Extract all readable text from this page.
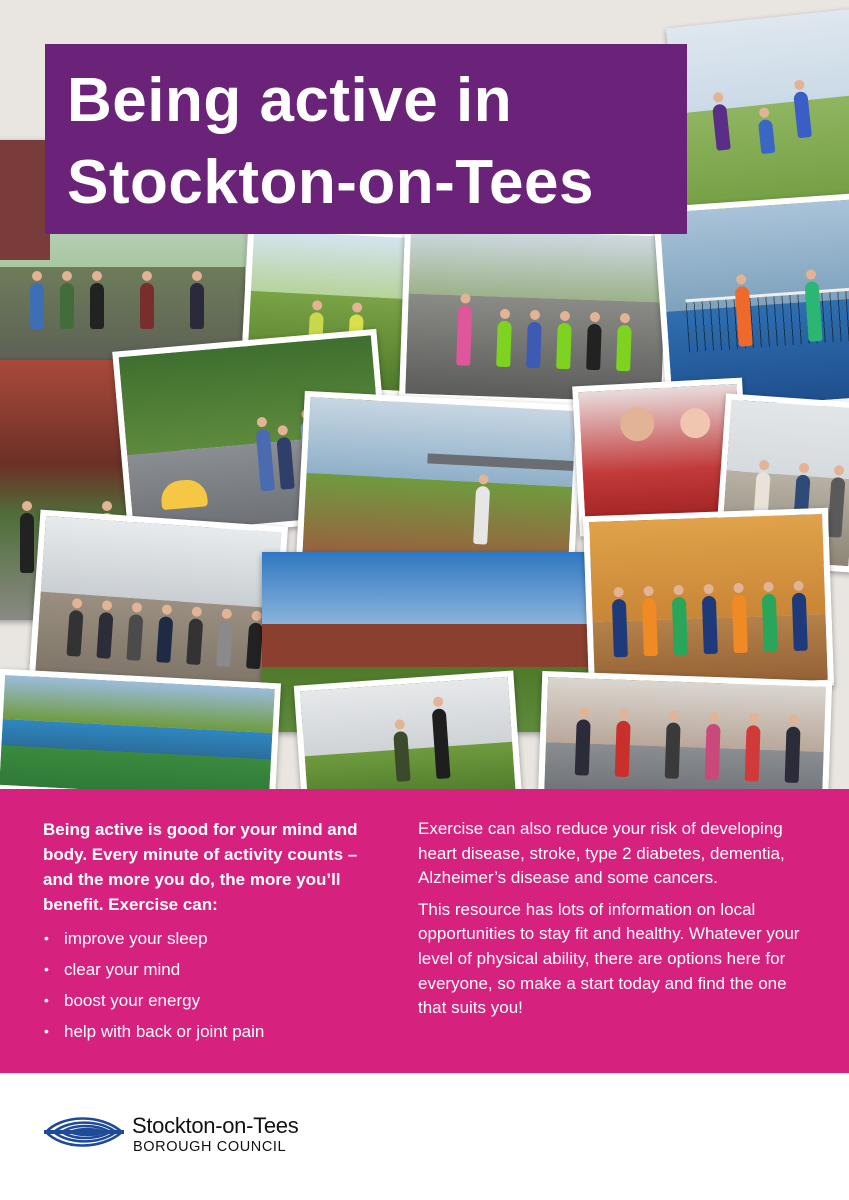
Being active in
Stockton-on-Tees

Being active is good for your mind and body. Every minute of activity counts – and the more you do, the more you’ll benefit. Exercise can:

• improve your sleep
• clear your mind
• boost your energy
• help with back or joint pain

Exercise can also reduce your risk of developing heart disease, stroke, type 2 diabetes, dementia, Alzheimer’s disease and some cancers.

This resource has lots of information on local opportunities to stay fit and healthy. Whatever your level of physical ability, there are options here for everyone, so make a start today and find the one that suits you!

Stockton-on-Tees
BOROUGH COUNCIL
